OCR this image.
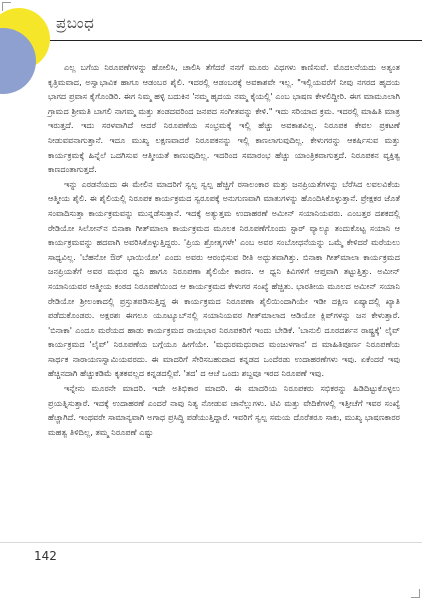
ಪ್ರಬಂಧ

ಎಲ್ಲ ಬಗೆಯ ನಿರೂಪಣೆಗಳನ್ನು ಹೋಲಿಸಿ, ಚಾಲಿಸಿ ತೆಗೆದರೆ ನನಗೆ ಮೂರು ವಿಧಗಳು ಕಾಣಿಸುವೆ. ಮೊದಲನೆಯದು ಅತ್ಯಂತ ಕೃತ್ರಿಮವಾದ, ಅಸ್ವಾಭಾವಿಕ ಹಾಗೂ ಆಡಂಬರ ಶೈಲಿ. ಇದರಲ್ಲಿ ಆಡಂಬರಕ್ಕೆ ಅವಕಾಶವೇ ಇಲ್ಲ. "ಇಲ್ಲಿಯವರೆಗೆ ನೀವು ನಗರದ ಹೃದಯ ಭಾಗದ ಪ್ರವಾಸ ಕೈಗೊಂಡಿರಿ. ಈಗ ನಿಮ್ಮ ಹಳ್ಳಿ ಬದುಕಿನ 'ನಮ್ಮ ಹೃದಯ ನಮ್ಮ ಕೈಯಲ್ಲಿ' ಎಂಬ ಭಾಷಣ ಕೇಳಲಿದ್ದೀರಿ. ಈಗ ಮಾಮೂಲಾಗಿ ಗ್ರಾಮದ ಶ್ರೀಮತಿ ಬಾಗಲಿ ನಾಗಮ್ಮ ಮತ್ತು ತಂಡದವರಿಂದ ಜನಪದ ಸಂಗೀತವನ್ನು ಕೇಳಿ." ಇದು ಸರಿಯಾದ ಕ್ರಮ. ಇದರಲ್ಲಿ ಮಾಹಿತಿ ಮಾತ್ರ ಇರುತ್ತದೆ. ಇದು ಸರಳವಾಗಿದೆ ಆದರೆ ನಿರೂಪಣೆಯ ಸಂಭ್ರಮಕ್ಕೆ ಇಲ್ಲಿ ಹೆಚ್ಚು ಅವಕಾಶವಿಲ್ಲ. ನಿರೂಪಕ ಕೇವಲ ಪ್ರಕಟಣೆ ನೀಡುವವನಾಗುತ್ತಾನೆ. ಇದೂ ಮುಖ್ಯ ಲಕ್ಷಣವಾದರೆ ನಿರೂಪಕನನ್ನು ಇಲ್ಲಿ ಕಾಣಲಾಗುವುದಿಲ್ಲ. ಕೇಳುಗರನ್ನು ಆಕರ್ಷಿಸುವ ಮತ್ತು ಕಾರ್ಯಕ್ರಮಕ್ಕೆ ಹಿನ್ನೆಲೆ ಒದಗಿಸುವ ಆತ್ಮೀಯತೆ ಕಾಣುವುದಿಲ್ಲ. ಇದರಿಂದ ಸಮಾರಂಭ ಹೆಚ್ಚು ಯಾಂತ್ರಿಕವಾಗುತ್ತದೆ. ನಿರೂಪಕನ ವ್ಯಕ್ತಿತ್ವ ಕಾಣದಂತಾಗುತ್ತದೆ.

ಇನ್ನು ಎರಡನೆಯದು ಈ ಮೇಲಿನ ಮಾದರಿಗೆ ಸ್ವಲ್ಪ ಸ್ವಲ್ಪ ಹೆಚ್ಚಿಗೆ ರಸಾಲಂಕಾರ ಮತ್ತು ಜನಪ್ರಿಯತೆಗಳನ್ನು ಬೆರೆಸಿದ ಲವಲವಿಕೆಯ ಆತ್ಮೀಯ ಶೈಲಿ. ಈ ಶೈಲಿಯಲ್ಲಿ ನಿರೂಪಕ ಕಾರ್ಯಕ್ರಮದ ಸ್ವರೂಪಕ್ಕೆ ಅನುಗುಣವಾಗಿ ಮಾತುಗಳನ್ನು ಹೊಂದಿಸಿಕೊಳ್ಳುತ್ತಾನೆ. ಪ್ರೇಕ್ಷಕರ ಜೊತೆ ಸಂವಾದಿಸುತ್ತಾ ಕಾರ್ಯಕ್ರಮವನ್ನು ಮುನ್ನಡೆಸುತ್ತಾನೆ. ಇದಕ್ಕೆ ಅತ್ಯುತ್ತಮ ಉದಾಹರಣೆ ಅಮೀನ್ ಸಯಾನಿಯವರು. ಎಂಬತ್ತರ ದಶಕದಲ್ಲಿ ರೇಡಿಯೋ ಸಿಲೋನ್‌ನ ಬಿನಾಕಾ ಗೀತ್‌ಮಾಲಾ ಕಾರ್ಯಕ್ರಮದ ಮೂಲಕ ನಿರೂಪಣೆಗೊಂದು ಸ್ಟಾರ್ ವ್ಯಾಲ್ಯೂ ತಂದುಕೊಟ್ಟ ಸಯಾನಿ ಆ ಕಾರ್ಯಕ್ರಮವನ್ನು ಹದವಾಗಿ ಅವರಿಸಿಕೊಳ್ಳುತ್ತಿದ್ದರು. 'ಪ್ರಿಯ ಶ್ರೋತೃಗಳೇ' ಎಂಬ ಅವರ ಸಂಬೋಧನೆಯನ್ನು ಒಮ್ಮೆ ಕೇಳಿದರೆ ಮರೆಯಲು ಸಾಧ್ಯವಿಲ್ಲ. 'ಬೆಹನೋ ಔರ್ ಭಾಯಿಯೋ' ಎಂದು ಅವರು ಆರಂಭಿಸುವ ರೀತಿ ಅದ್ಭುತವಾಗಿತ್ತು. ಬಿನಾಕಾ ಗೀತ್‌ಮಾಲಾ ಕಾರ್ಯಕ್ರಮದ ಜನಪ್ರಿಯತೆಗೆ ಅವರ ಮಧುರ ಧ್ವನಿ ಹಾಗೂ ನಿರೂಪಣಾ ಶೈಲಿಯೇ ಕಾರಣ. ಆ ಧ್ವನಿ ಕಿವಿಗಳಿಗೆ ಆಪ್ತವಾಗಿ ತಟ್ಟುತ್ತಿತ್ತು. ಅಮೀನ್ ಸಯಾನಿಯವರ ಆತ್ಮೀಯ ಕಂಠದ ನಿರೂಪಣೆಯಿಂದ ಆ ಕಾರ್ಯಕ್ರಮದ ಕೇಳುಗರ ಸಂಖ್ಯೆ ಹೆಚ್ಚಿತು. ಭಾರತೀಯ ಮೂಲದ ಅಮೀನ್ ಸಯಾನಿ ರೇಡಿಯೋ ಶ್ರೀಲಂಕಾದಲ್ಲಿ ಪ್ರಸ್ತುತಪಡಿಸುತ್ತಿದ್ದ ಈ ಕಾರ್ಯಕ್ರಮದ ನಿರೂಪಣಾ ಶೈಲಿಯಿಂದಾಗಿಯೇ ಇಡೀ ದಕ್ಷಿಣ ಏಷ್ಯಾದಲ್ಲಿ ಖ್ಯಾತಿ ಪಡೆದುಕೊಂಡರು. ಅಕ್ಷರಶಃ ಈಗಲೂ ಯೂಟ್ಯೂಬ್‌ನಲ್ಲಿ ಸಯಾನಿಯವರ ಗೀತ್‌ಮಾಲಾದ ಆಡಿಯೋ ಕ್ಲಿಪ್‌ಗಳನ್ನು ಜನ ಕೇಳುತ್ತಾರೆ. 'ಬಿನಾಕಾ' ಎಂದೂ ಮರೆಯದ ಹಾಡು ಕಾರ್ಯಕ್ರಮದ ರಾಯಭಾರ ನಿರೂಪಕರಿಗೆ ಇಂದು ಬೇಡಿಕೆ. 'ಬಾನುಲಿ ದೂರದರ್ಶನ ರಾಷ್ಟ್ರಕ್ಕೆ' ಲೈವ್ ಕಾರ್ಯಕ್ರಮದ 'ಲೈವ್' ನಿರೂಪಣೆಯ ಬಗ್ಗೆಯೂ ಹೀಗೆಯೇ. 'ಮಧುರಮಧುರಾದ ಮಂಜುಳಗಾನ' ದ ಮಾಹಿತಿಪೂರ್ಣ ನಿರೂಪಣೆಯ ಸಾರ್ಥಕ ನಾರಾಯಣಸ್ವಾಮಿಯವರದು. ಈ ಮಾದರಿಗೆ ಸೇರಿಸಬಹುದಾದ ಕನ್ನಡದ ಒಂದೆರಡು ಉದಾಹರಣೆಗಳು ಇವು. ಏಕೆಂದರೆ ಇವು ಹೆಚ್ಚಿನದಾಗಿ ಹೆಚ್ಚುಕಡಿಮೆ ಕೃತಕವಲ್ಲದ ಕನ್ನಡದಲ್ಲಿವೆ. 'ತದ' ದ ಆಚೆ ಒಂದು ಶಬ್ದವೂ ಇರದ ನಿರೂಪಣೆ ಇವು.

ಇನ್ನೇನು ಮೂರನೇ ಮಾದರಿ. ಇದೇ ಅತಿಭಿಕಾರ ಮಾದರಿ. ಈ ಮಾದರಿಯ ನಿರೂಪಕರು ಸಭಿಕರನ್ನು ಹಿಡಿದಿಟ್ಟುಕೊಳ್ಳಲು ಪ್ರಯತ್ನಿಸುತ್ತಾರೆ. ಇದಕ್ಕೆ ಉದಾಹರಣೆ ಎಂದರೆ ನಾವು ನಿತ್ಯ ನೋಡುವ ಚಾನೆಲ್ಲುಗಳು. ಟಿವಿ ಮತ್ತು ವೇದಿಕೆಗಳಲ್ಲಿ ಇತ್ತೀಚೆಗೆ ಇವರ ಸಂಖ್ಯೆ ಹೆಚ್ಚಾಗಿದೆ. ಇಂಥವರೇ ಸಾಮಾನ್ಯವಾಗಿ ಅಗಾಧ ಪ್ರಸಿದ್ಧಿ ಪಡೆಯುತ್ತಿದ್ದಾರೆ. ಇವರಿಗೆ ಸ್ವಲ್ಪ ಸಮಯ ದೊರೆತರೂ ಸಾಕು, ಮುಖ್ಯ ಭಾಷಣಕಾರರ ಮಹತ್ವ ತಿಳಿದಿಲ್ಲ, ತಮ್ಮ ನಿರೂಪಣೆ ಎಷ್ಟು

142
